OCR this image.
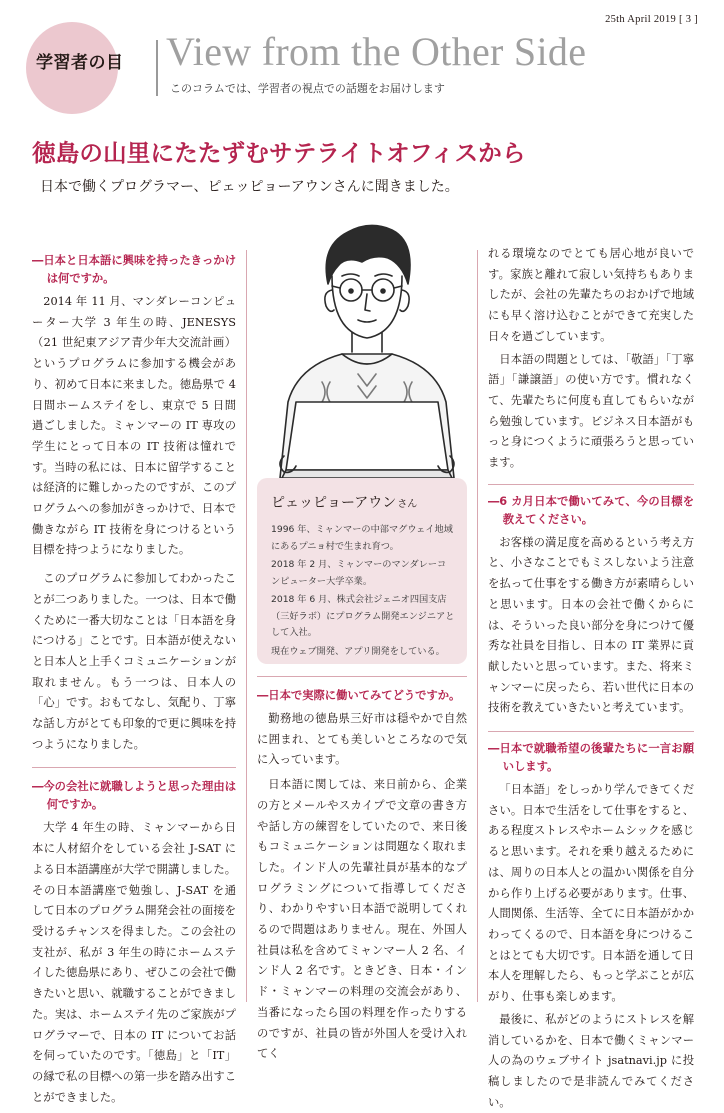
25th April 2019 [ 3 ]
学習者の目 View from the Other Side
このコラムでは、学習者の視点での話題をお届けします
徳島の山里にたたずむサテライトオフィスから
日本で働くプログラマー、ピェッピョーアウンさんに聞きました。
―日本と日本語に興味を持ったきっかけは何ですか。

2014 年 11 月、マンダレーコンピューター大学 3 年生の時、JENESYS（21 世紀東アジア青少年大交流計画）というプログラムに参加する機会があり、初めて日本に来ました。徳島県で 4 日間ホームステイをし、東京で 5 日間過ごしました。ミャンマーの IT 専攻の学生にとって日本の IT 技術は憧れです。当時の私には、日本に留学することは経済的に難しかったのですが、このプログラムへの参加がきっかけで、日本で働きながら IT 技術を身につけるという目標を持つようになりました。

このプログラムに参加してわかったことが二つありました。一つは、日本で働くために一番大切なことは「日本語を身につける」ことです。日本語が使えないと日本人と上手くコミュニケーションが取れません。もう一つは、日本人の「心」です。おもてなし、気配り、丁寧な話し方がとても印象的で更に興味を持つようになりました。

―今の会社に就職しようと思った理由は何ですか。

大学 4 年生の時、ミャンマーから日本に人材紹介をしている会社 J-SAT による日本語講座が大学で開講しました。その日本語講座で勉強し、J-SAT を通して日本のプログラム開発会社の面接を受けるチャンスを得ました。この会社の支社が、私が 3 年生の時にホームステイした徳島県にあり、ぜひこの会社で働きたいと思い、就職することができました。実は、ホームステイ先のご家族がプログラマーで、日本の IT についてお話を伺っていたのです。「徳島」と「IT」の縁で私の目標への第一歩を踏み出すことができました。

ピェッピョーアウンさん
1996 年、ミャンマーの中部マグウェイ地域にあるプニョ村で生まれ育つ。
2018 年 2 月、ミャンマーのマンダレーコンピューター大学卒業。
2018 年 6 月、株式会社ジェニオ四国支店（三好ラボ）にプログラム開発エンジニアとして入社。
現在ウェブ開発、アプリ開発をしている。
―日本で実際に働いてみてどうですか。

勤務地の徳島県三好市は穏やかで自然に囲まれ、とても美しいところなので気に入っています。

日本語に関しては、来日前から、企業の方とメールやスカイプで文章の書き方や話し方の練習をしていたので、来日後もコミュニケーションは問題なく取れました。インド人の先輩社員が基本的なプログラミングについて指導してくださり、わかりやすい日本語で説明してくれるので問題はありません。現在、外国人社員は私を含めてミャンマー人 2 名、インド人 2 名です。ときどき、日本・インド・ミャンマーの料理の交流会があり、当番になったら国の料理を作ったりするのですが、社員の皆が外国人を受け入れてく

れる環境なのでとても居心地が良いです。家族と離れて寂しい気持ちもありましたが、会社の先輩たちのおかげで地域にも早く溶け込むことができて充実した日々を過ごしています。

日本語の問題としては、「敬語」「丁寧語」「謙譲語」の使い方です。慣れなくて、先輩たちに何度も直してもらいながら勉強しています。ビジネス日本語がもっと身につくように頑張ろうと思っています。

―6 カ月日本で働いてみて、今の目標を教えてください。

お客様の満足度を高めるという考え方と、小さなことでもミスしないよう注意を払って仕事をする働き方が素晴らしいと思います。日本の会社で働くからには、そういった良い部分を身につけて優秀な社員を目指し、日本の IT 業界に貢献したいと思っています。また、将来ミャンマーに戻ったら、若い世代に日本の技術を教えていきたいと考えています。

―日本で就職希望の後輩たちに一言お願いします。

「日本語」をしっかり学んできてください。日本で生活をして仕事をすると、ある程度ストレスやホームシックを感じると思います。それを乗り越えるためには、周りの日本人との温かい関係を自分から作り上げる必要があります。仕事、人間関係、生活等、全てに日本語がかかわってくるので、日本語を身につけることはとても大切です。日本語を通して日本人を理解したら、もっと学ぶことが広がり、仕事も楽しめます。

最後に、私がどのようにストレスを解消しているかを、日本で働くミャンマー人の為のウェブサイト jsatnavi.jp に投稿しましたので是非読んでみてください。
